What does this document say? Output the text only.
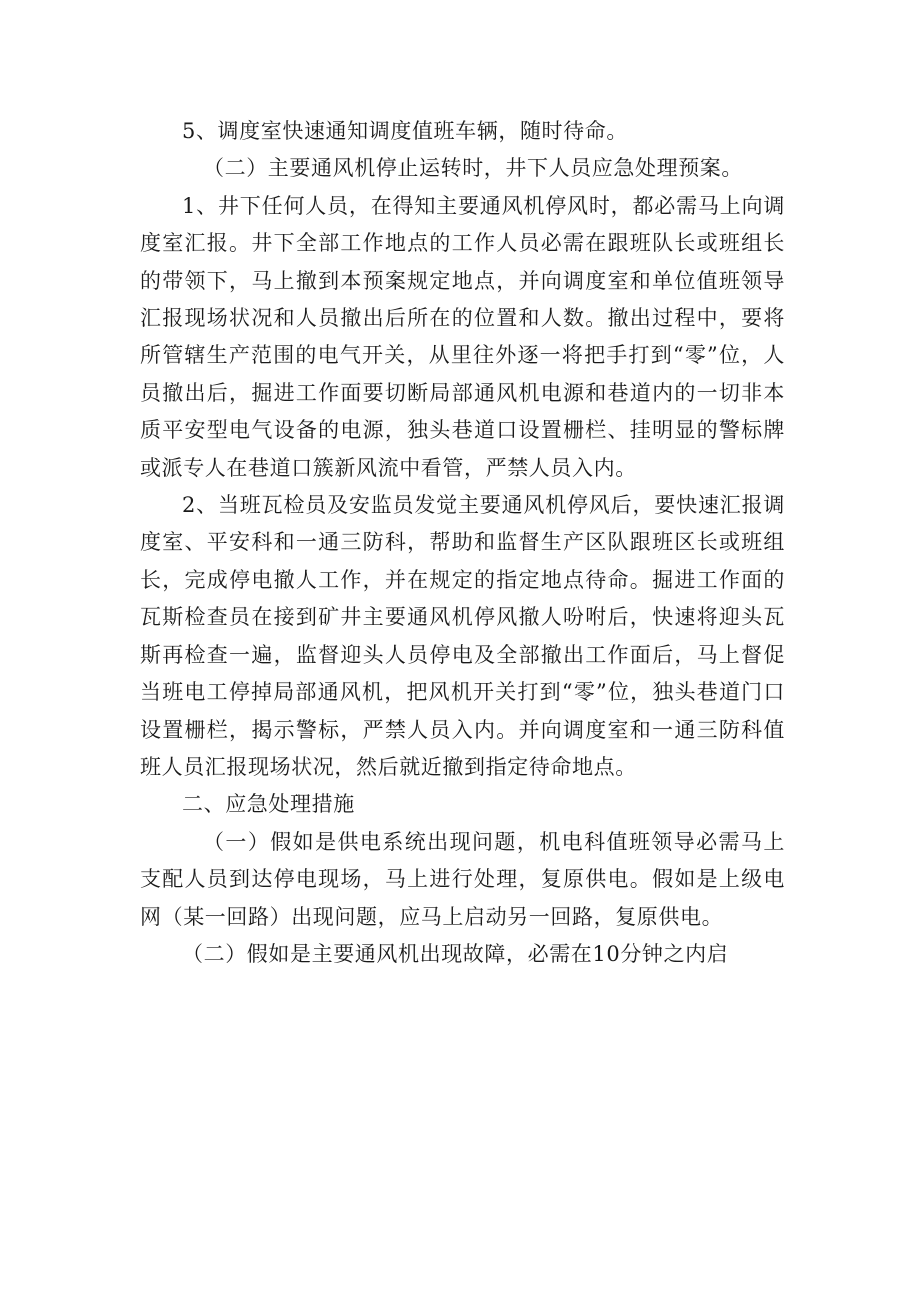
5、调度室快速通知调度值班车辆，随时待命。

（二）主要通风机停止运转时，井下人员应急处理预案。

1、井下任何人员，在得知主要通风机停风时，都必需马上向调度室汇报。井下全部工作地点的工作人员必需在跟班队长或班组长的带领下，马上撤到本预案规定地点，并向调度室和单位值班领导汇报现场状况和人员撤出后所在的位置和人数。撤出过程中，要将所管辖生产范围的电气开关，从里往外逐一将把手打到“零”位，人员撤出后，掘进工作面要切断局部通风机电源和巷道内的一切非本质平安型电气设备的电源，独头巷道口设置栅栏、挂明显的警标牌或派专人在巷道口簇新风流中看管，严禁人员入内。

2、当班瓦检员及安监员发觉主要通风机停风后，要快速汇报调度室、平安科和一通三防科，帮助和监督生产区队跟班区长或班组长，完成停电撤人工作，并在规定的指定地点待命。掘进工作面的瓦斯检查员在接到矿井主要通风机停风撤人吩咐后，快速将迎头瓦斯再检查一遍，监督迎头人员停电及全部撤出工作面后，马上督促当班电工停掉局部通风机，把风机开关打到“零”位，独头巷道门口设置栅栏，揭示警标，严禁人员入内。并向调度室和一通三防科值班人员汇报现场状况，然后就近撤到指定待命地点。

二、应急处理措施

（一）假如是供电系统出现问题，机电科值班领导必需马上支配人员到达停电现场，马上进行处理，复原供电。假如是上级电网（某一回路）出现问题，应马上启动另一回路，复原供电。

（二）假如是主要通风机出现故障，必需在10分钟之内启
